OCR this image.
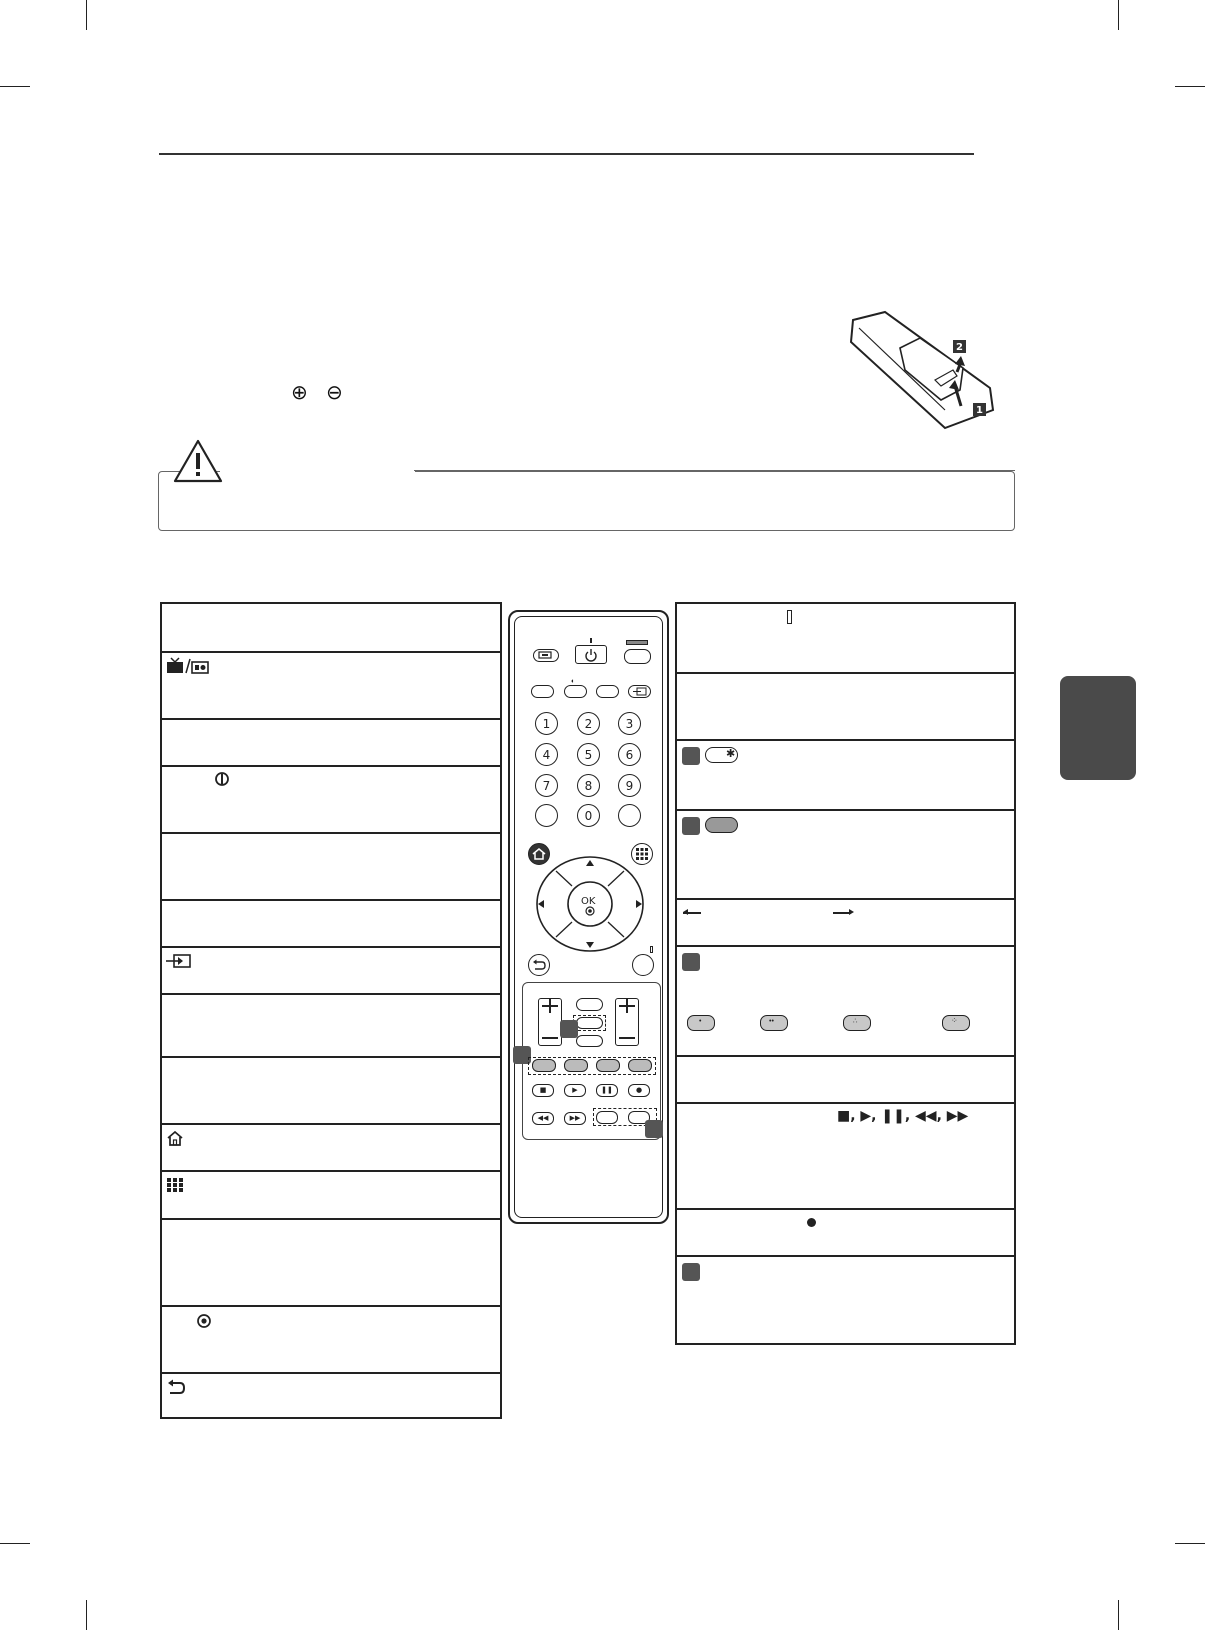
⊕ ⊖
2
1
◐
1	2	3
4	5	6
7	8	9
0
OK
■	▶	❚❚	●
◀◀	▶▶
✱
•	••	∴	⁘
■, ▶, ❚❚, ◀◀, ▶▶
